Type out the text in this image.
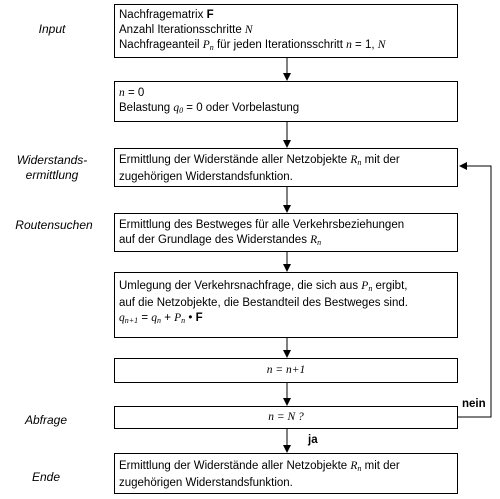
Input
Widerstands-
ermittlung
Routensuchen
Abfrage
Ende
Nachfragematrix F
Anzahl Iterationsschritte N
Nachfrageanteil $P_n$ für jeden Iterationsschritt n = 1, N
n = 0
Belastung $q_0 = 0$ oder Vorbelastung
Ermittlung der Widerstände aller Netzobjekte $R_n$ mit der
zugehörigen Widerstandsfunktion.
Ermittlung des Bestweges für alle Verkehrsbeziehungen
auf der Grundlage des Widerstandes $R_n$
Umlegung der Verkehrsnachfrage, die sich aus $P_n$ ergibt,
auf die Netzobjekte, die Bestandteil des Bestweges sind.
$q_{n+1} = q_n + P_n$ • F
n = n+1
n = N ?
Ermittlung der Widerstände aller Netzobjekte $R_n$ mit der
zugehörigen Widerstandsfunktion.
nein
ja
